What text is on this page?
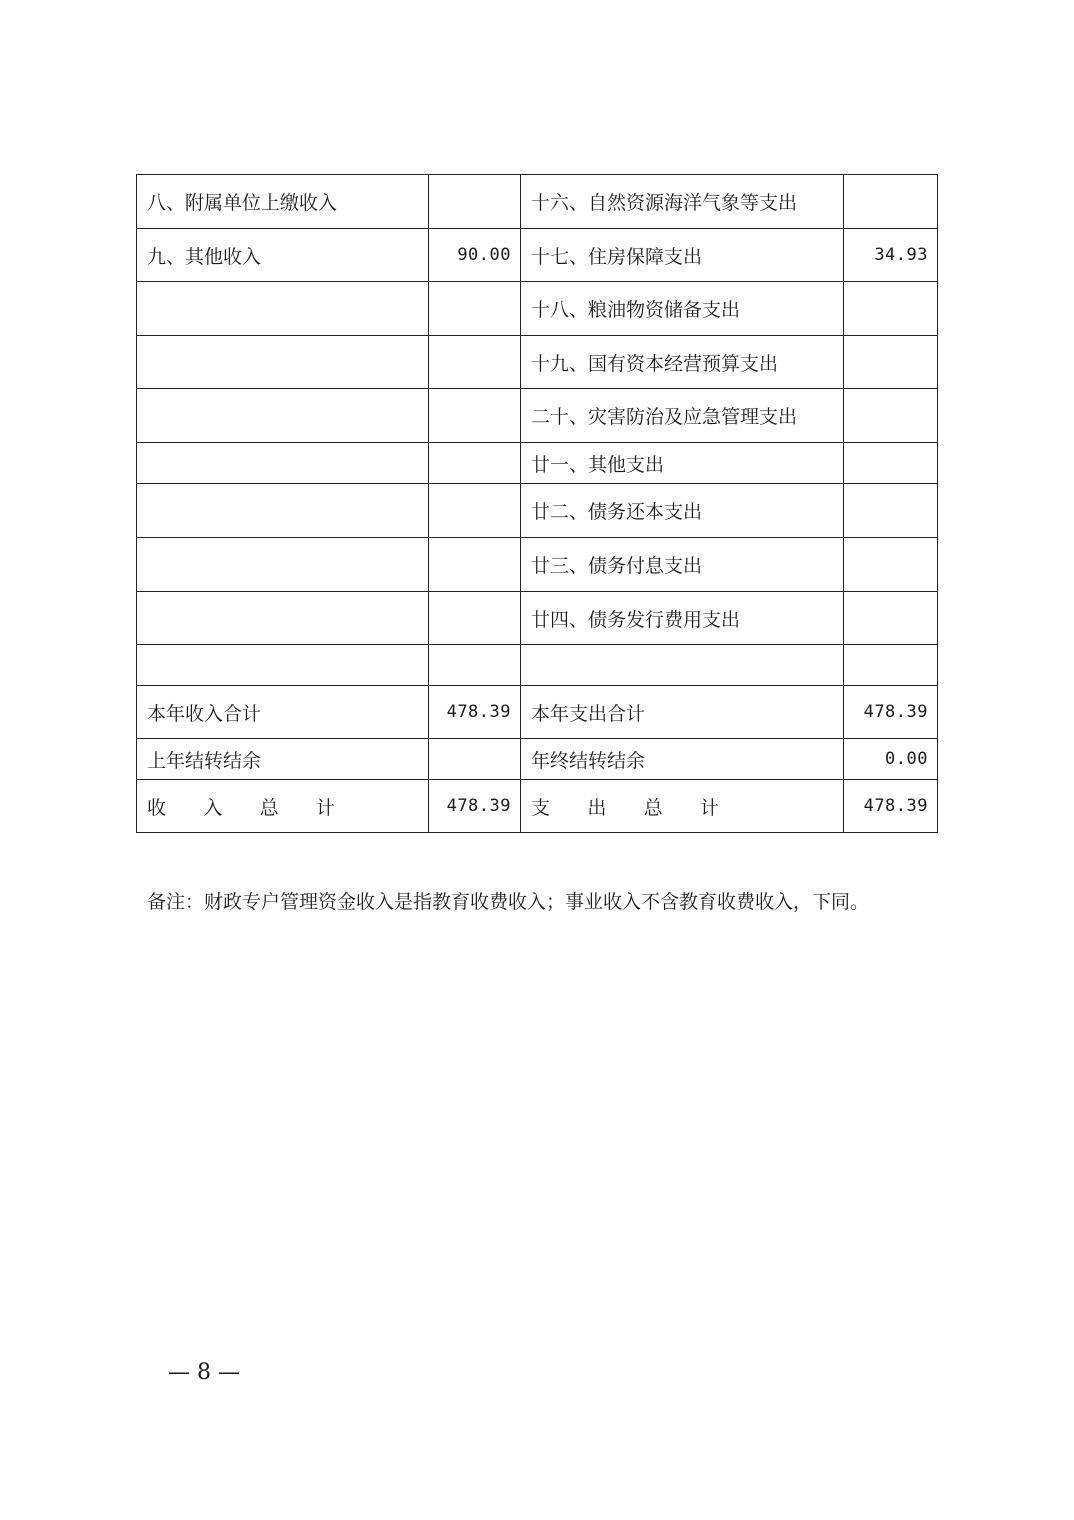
八、附属单位上缴收入		十六、自然资源海洋气象等支出	
九、其他收入	90.00	十七、住房保障支出	34.93
		十八、粮油物资储备支出	
		十九、国有资本经营预算支出	
		二十、灾害防治及应急管理支出	
		廿一、其他支出	
		廿二、债务还本支出	
		廿三、债务付息支出	
		廿四、债务发行费用支出	

本年收入合计	478.39	本年支出合计	478.39
上年结转结余		年终结转结余	0.00

收 入 总 计	478.39	支 出 总 计	478.39
备注：财政专户管理资金收入是指教育收费收入；事业收入不含教育收费收入，下同。
— 8 —
